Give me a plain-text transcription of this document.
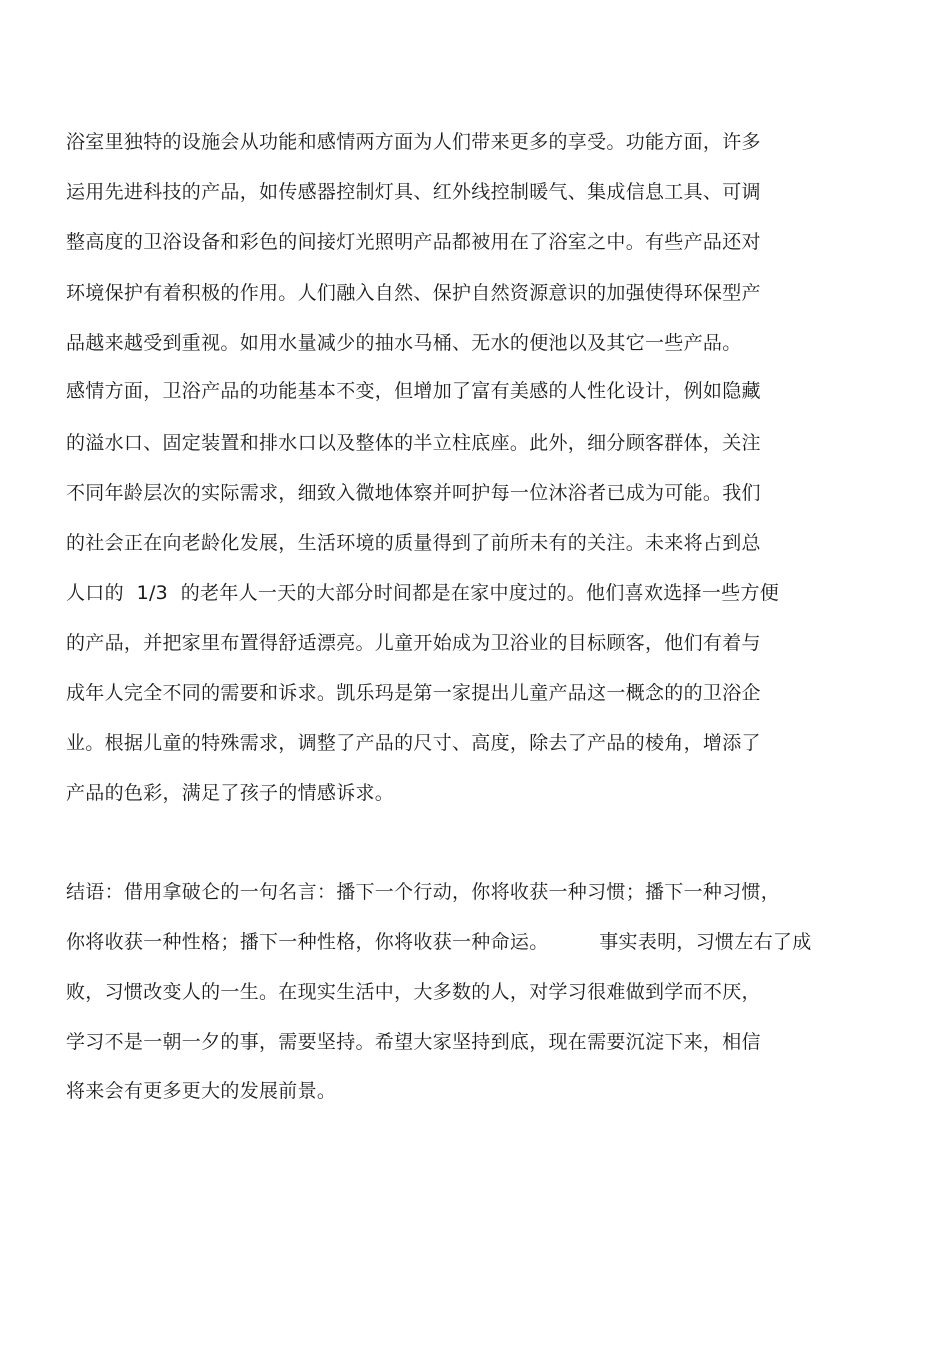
浴室里独特的设施会从功能和感情两方面为人们带来更多的享受。功能方面，许多

运用先进科技的产品，如传感器控制灯具、红外线控制暖气、集成信息工具、可调

整高度的卫浴设备和彩色的间接灯光照明产品都被用在了浴室之中。有些产品还对

环境保护有着积极的作用。人们融入自然、保护自然资源意识的加强使得环保型产

品越来越受到重视。如用水量减少的抽水马桶、无水的便池以及其它一些产品。

感情方面，卫浴产品的功能基本不变，但增加了富有美感的人性化设计，例如隐藏

的溢水口、固定装置和排水口以及整体的半立柱底座。此外，细分顾客群体，关注

不同年龄层次的实际需求，细致入微地体察并呵护每一位沐浴者已成为可能。我们

的社会正在向老龄化发展，生活环境的质量得到了前所未有的关注。未来将占到总

人口的  1/3  的老年人一天的大部分时间都是在家中度过的。他们喜欢选择一些方便

的产品，并把家里布置得舒适漂亮。儿童开始成为卫浴业的目标顾客，他们有着与

成年人完全不同的需要和诉求。凯乐玛是第一家提出儿童产品这一概念的的卫浴企

业。根据儿童的特殊需求，调整了产品的尺寸、高度，除去了产品的棱角，增添了

产品的色彩，满足了孩子的情感诉求。

结语：借用拿破仑的一句名言：播下一个行动，你将收获一种习惯；播下一种习惯，

你将收获一种性格；播下一种性格，你将收获一种命运。        事实表明，习惯左右了成

败，习惯改变人的一生。在现实生活中，大多数的人，对学习很难做到学而不厌，

学习不是一朝一夕的事，需要坚持。希望大家坚持到底，现在需要沉淀下来，相信

将来会有更多更大的发展前景。
